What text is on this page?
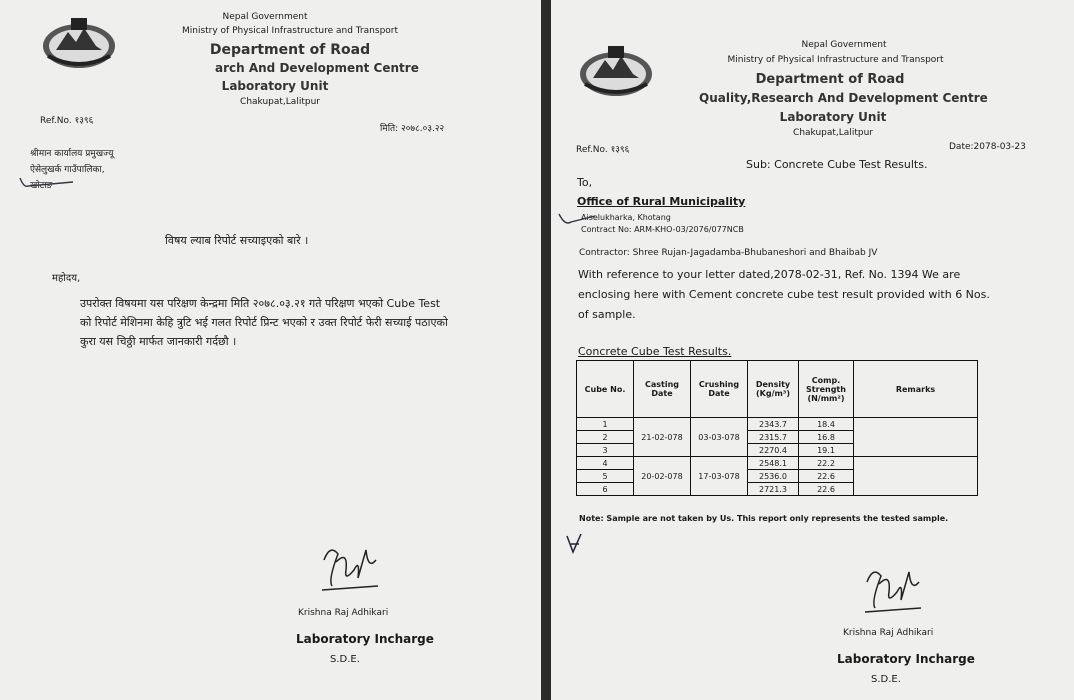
Nepal Government
Ministry of Physical Infrastructure and Transport
Department of Road
arch And Development Centre
Laboratory Unit
Chakupat,Lalitpur
Ref.No. १३९६
मिति: २०७८.०३.२२
श्रीमान कार्यालय प्रमुखज्यू
ऐसेलुखर्क गाउँपालिका,
खोटाङ
विषय ल्याब रिपोर्ट सच्याइएको बारे ।
महोदय,
उपरोक्त विषयमा यस परिक्षण केन्द्रमा मिति २०७८.०३.२१ गते परिक्षण भएको Cube Test
को रिपोर्ट मेशिनमा केहि त्रुटि भई गलत रिपोर्ट प्रिन्ट भएको र उक्त रिपोर्ट फेरी सच्याई पठाएको
कुरा यस चिठ्ठी मार्फत जानकारी गर्दछौ ।
Krishna Raj Adhikari
Laboratory Incharge
S.D.E.
Nepal Government
Ministry of Physical Infrastructure and Transport
Department of Road
Quality,Research And Development Centre
Laboratory Unit
Chakupat,Lalitpur
Ref.No. १३९६	Date:2078-03-23
Sub: Concrete Cube Test Results.
To,
Office of Rural Municipality
Aiselukharka, Khotang
Contract No: ARM-KHO-03/2076/077NCB
Contractor: Shree Rujan-Jagadamba-Bhubaneshori and Bhaibab JV
With reference to your letter dated,2078-02-31, Ref. No. 1394 We are
enclosing here with Cement concrete cube test result provided with 6 Nos.
of sample.
Concrete Cube Test Results.
Cube No.	Casting Date	Crushing Date	Density (Kg/m³)	Comp. Strength (N/mm²)	Remarks
1	21-02-078	03-03-078	2343.7	18.4	
2			2315.7	16.8	
3			2270.4	19.1	
4	20-02-078	17-03-078	2548.1	22.2	
5			2536.0	22.6	
6			2721.3	22.6	
Note: Sample are not taken by Us. This report only represents the tested sample.
Krishna Raj Adhikari
Laboratory Incharge
S.D.E.
